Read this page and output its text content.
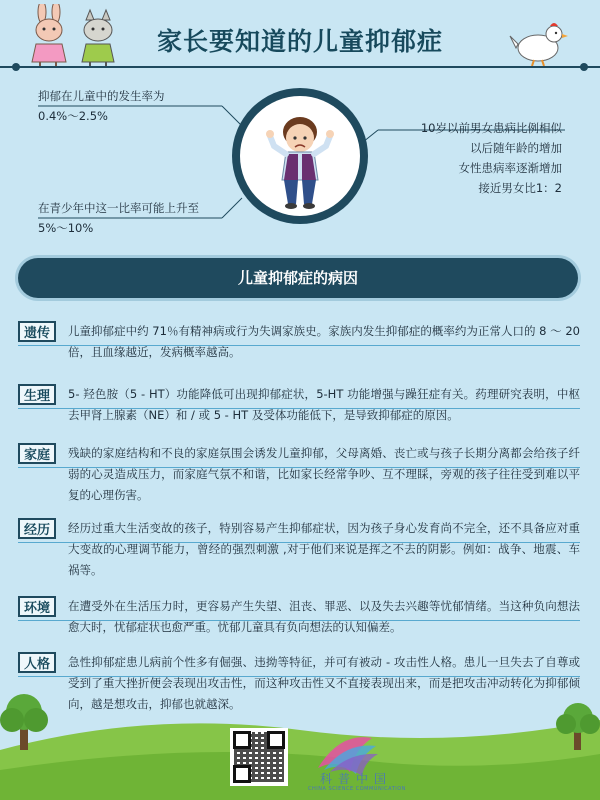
家长要知道的儿童抑郁症
抑郁在儿童中的发生率为
0.4%～2.5%
在青少年中这一比率可能上升至
5%～10%
10岁以前男女患病比例相似
以后随年龄的增加
女性患病率逐渐增加
接近男女比1：2
儿童抑郁症的病因
遗传	儿童抑郁症中约 71％有精神病或行为失调家族史。家族内发生抑郁症的概率约为正常人口的 8 ～ 20 倍，且血缘越近，发病概率越高。
生理	5- 羟色胺（5 - HT）功能降低可出现抑郁症状，5-HT 功能增强与躁狂症有关。药理研究表明，中枢去甲肾上腺素（NE）和 / 或 5 - HT 及受体功能低下，是导致抑郁症的原因。
家庭	残缺的家庭结构和不良的家庭氛围会诱发儿童抑郁，父母离婚、丧亡或与孩子长期分离都会给孩子纤弱的心灵造成压力，而家庭气氛不和谐，比如家长经常争吵、互不理睬，旁观的孩子往往受到难以平复的心理伤害。
经历	经历过重大生活变故的孩子，特别容易产生抑郁症状，因为孩子身心发育尚不完全，还不具备应对重大变故的心理调节能力，曾经的强烈刺激 ,对于他们来说是挥之不去的阴影。例如：战争、地震、车祸等。
环境	在遭受外在生活压力时，更容易产生失望、沮丧、罪恶、以及失去兴趣等忧郁情绪。当这种负向想法愈大时，忧郁症状也愈严重。忧郁儿童具有负向想法的认知偏差。
人格	急性抑郁症患儿病前个性多有倔强、违拗等特征，并可有被动 - 攻击性人格。患儿一旦失去了自尊或受到了重大挫折便会表现出攻击性，而这种攻击性又不直接表现出来，而是把攻击冲动转化为抑郁倾向，越是想攻击，抑郁也就越深。
科普中国
CHINA SCIENCE COMMUNICATION
